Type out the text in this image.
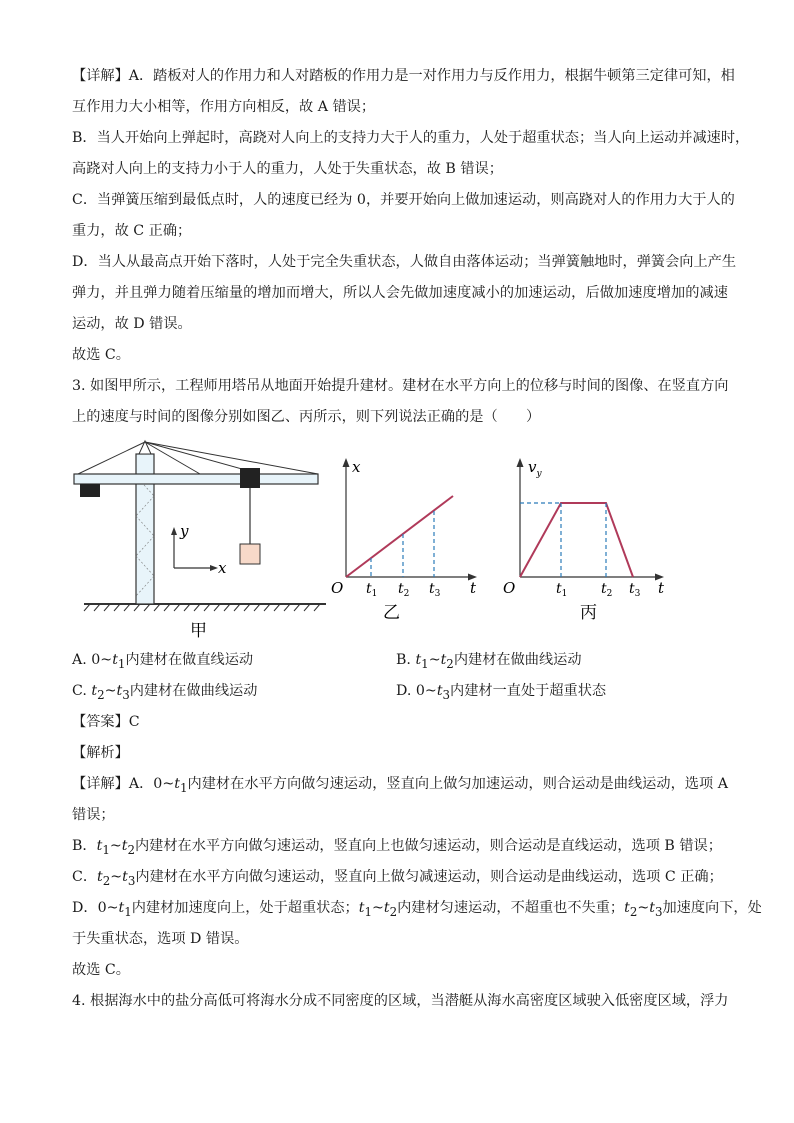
【详解】A．踏板对人的作用力和人对踏板的作用力是一对作用力与反作用力，根据牛顿第三定律可知，相
互作用力大小相等，作用方向相反，故 A 错误；
B．当人开始向上弹起时，高跷对人向上的支持力大于人的重力，人处于超重状态；当人向上运动并减速时，
高跷对人向上的支持力小于人的重力，人处于失重状态，故 B 错误；
C．当弹簧压缩到最低点时，人的速度已经为 0，并要开始向上做加速运动，则高跷对人的作用力大于人的
重力，故 C 正确；
D．当人从最高点开始下落时，人处于完全失重状态，人做自由落体运动；当弹簧触地时，弹簧会向上产生
弹力，并且弹力随着压缩量的增加而增大，所以人会先做加速度减小的加速运动，后做加速度增加的减速
运动，故 D 错误。
故选 C。
3. 如图甲所示，工程师用塔吊从地面开始提升建材。建材在水平方向上的位移与时间的图像、在竖直方向
上的速度与时间的图像分别如图乙、丙所示，则下列说法正确的是（　　）
y
x
甲
x
t
O $t_1$ $t_2$ $t_3$
乙
$v_y$
t
O	$t_1$ $t_2$ $t_3$
丙
A. $0\sim t_1$内建材在做直线运动	B. $t_1\sim t_2$内建材在做曲线运动
C. $t_2\sim t_3$内建材在做曲线运动	D. $0\sim t_3$内建材一直处于超重状态
【答案】C
【解析】
【详解】A．$0\sim t_1$内建材在水平方向做匀速运动，竖直向上做匀加速运动，则合运动是曲线运动，选项 A
错误；
B．$t_1\sim t_2$内建材在水平方向做匀速运动，竖直向上也做匀速运动，则合运动是直线运动，选项 B 错误；
C．$t_2\sim t_3$内建材在水平方向做匀速运动，竖直向上做匀减速运动，则合运动是曲线运动，选项 C 正确；
D．$0\sim t_1$内建材加速度向上，处于超重状态；$t_1\sim t_2$内建材匀速运动，不超重也不失重；$t_2\sim t_3$加速度向下，处
于失重状态，选项 D 错误。
故选 C。
4. 根据海水中的盐分高低可将海水分成不同密度的区域，当潜艇从海水高密度区域驶入低密度区域，浮力
